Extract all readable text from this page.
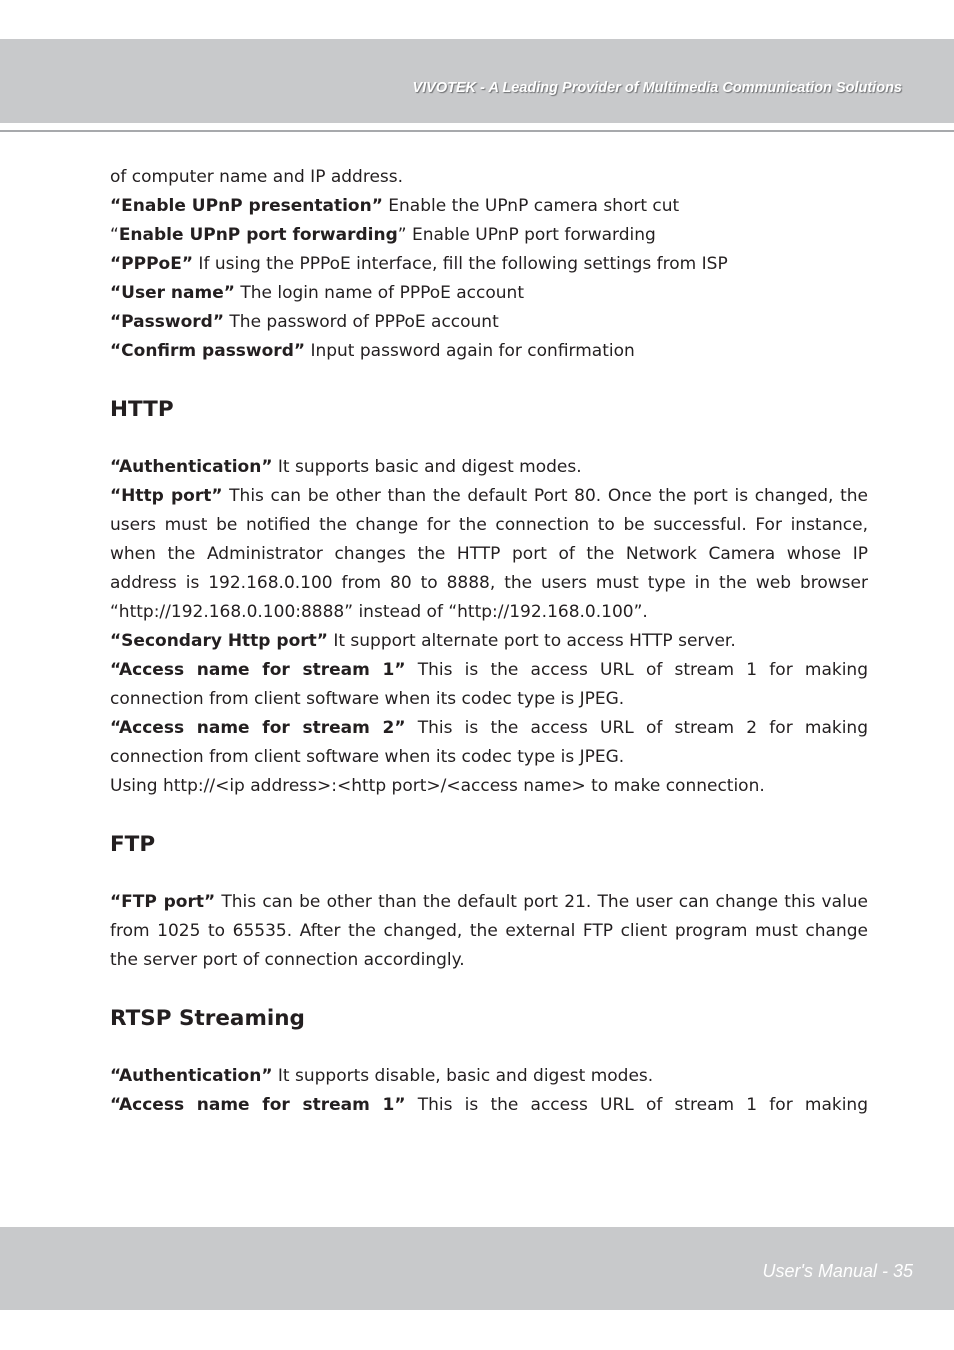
VIVOTEK - A Leading Provider of Multimedia Communication Solutions

of computer name and IP address.

“Enable UPnP presentation” Enable the UPnP camera short cut

“Enable UPnP port forwarding” Enable UPnP port forwarding

“PPPoE” If using the PPPoE interface, fill the following settings from ISP

“User name” The login name of PPPoE account

“Password” The password of PPPoE account

“Confirm password” Input password again for confirmation

HTTP

“Authentication” It supports basic and digest modes.

“Http port” This can be other than the default Port 80. Once the port is changed, the

users must be notified the change for the connection to be successful. For instance,

when the Administrator changes the HTTP port of the Network Camera whose IP

address is 192.168.0.100 from 80 to 8888, the users must type in the web browser

“http://192.168.0.100:8888” instead of “http://192.168.0.100”.

“Secondary Http port” It support alternate port to access HTTP server.

“Access name for stream 1” This is the access URL of stream 1 for making

connection from client software when its codec type is JPEG.

“Access name for stream 2” This is the access URL of stream 2 for making

connection from client software when its codec type is JPEG.

Using http://<ip address>:<http port>/<access name> to make connection.

FTP

“FTP port” This can be other than the default port 21. The user can change this value

from 1025 to 65535. After the changed, the external FTP client program must change

the server port of connection accordingly.

RTSP Streaming

“Authentication” It supports disable, basic and digest modes.

“Access name for stream 1” This is the access URL of stream 1 for making

User's Manual - 35
